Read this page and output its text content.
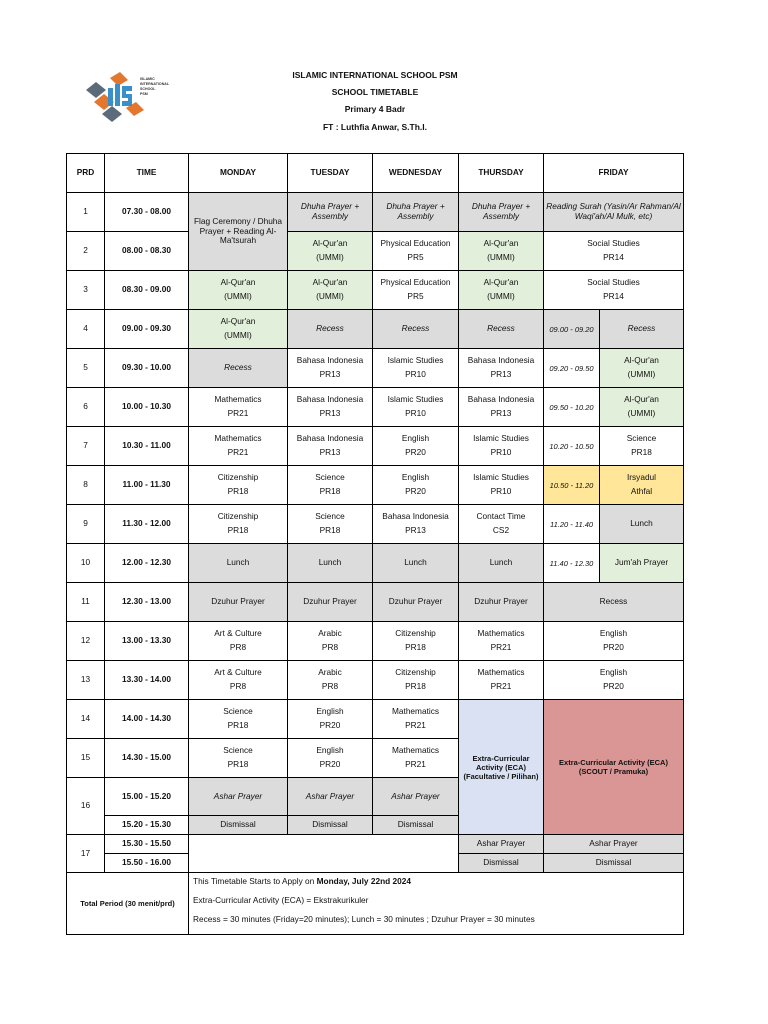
ISLAMIC
INTERNATIONAL
SCHOOL
PSM
ISLAMIC INTERNATIONAL SCHOOL PSM
SCHOOL TIMETABLE
Primary 4 Badr
FT : Luthfia Anwar, S.Th.I.
PRD	TIME	MONDAY	TUESDAY	WEDNESDAY	THURSDAY	FRIDAY	
1	07.30 - 08.00	Flag Ceremony / Dhuha Prayer + Reading Al-Ma'tsurah	Dhuha Prayer + Assembly	Dhuha Prayer + Assembly	Dhuha Prayer + Assembly	Reading Surah (Yasin/Ar Rahman/Al Waqi'ah/Al Mulk, etc)	
2	08.00 - 08.30		Al-Qur'an
(UMMI)	Physical Education
PR5	Al-Qur'an
(UMMI)	Social Studies
PR14	

3	08.30 - 09.00	Al-Qur'an
(UMMI)	Al-Qur'an
(UMMI)	Physical Education
PR5	Al-Qur'an
(UMMI)	Social Studies
PR14	

4	09.00 - 09.30	Al-Qur'an
(UMMI)	Recess	Recess	Recess	09.00 - 09.20	Recess
5	09.30 - 10.00	Recess	Bahasa Indonesia
PR13	Islamic Studies
PR10	Bahasa Indonesia
PR13	09.20 - 09.50	Al-Qur'an
(UMMI)

6	10.00 - 10.30	Mathematics
PR21	Bahasa Indonesia
PR13	Islamic Studies
PR10	Bahasa Indonesia
PR13	09.50 - 10.20	Al-Qur'an
(UMMI)

7	10.30 - 11.00	Mathematics
PR21	Bahasa Indonesia
PR13	English
PR20	Islamic Studies
PR10	10.20 - 10.50	Science
PR18

8	11.00 - 11.30	Citizenship
PR18	Science
PR18	English
PR20	Islamic Studies
PR10	10.50 - 11.20	Irsyadul
Athfal

9	11.30 - 12.00	Citizenship
PR18	Science
PR18	Bahasa Indonesia
PR13	Contact Time
CS2	11.20 - 11.40	Lunch
10	12.00 - 12.30	Lunch	Lunch	Lunch	Lunch	11.40 - 12.30	Jum'ah Prayer
11	12.30 - 13.00	Dzuhur Prayer	Dzuhur Prayer	Dzuhur Prayer	Dzuhur Prayer	Recess	
12	13.00 - 13.30	Art & Culture
PR8	Arabic
PR8	Citizenship
PR18	Mathematics
PR21	English
PR20	

13	13.30 - 14.00	Art & Culture
PR8	Arabic
PR8	Citizenship
PR18	Mathematics
PR21	English
PR20	

14	14.00 - 14.30	Science
PR18	English
PR20	Mathematics
PR21	Extra-Curricular
Activity (ECA)
(Facultative / Pilihan)	Extra-Curricular Activity (ECA)
(SCOUT / Pramuka)	

15	14.30 - 15.00	Science
PR18	English
PR20	Mathematics
PR21			

16	15.00 - 15.20	Ashar Prayer	Ashar Prayer	Ashar Prayer			
	15.20 - 15.30	Dismissal	Dismissal	Dismissal			
17	15.30 - 15.50				Ashar Prayer	Ashar Prayer	
	15.50 - 16.00				Dismissal	Dismissal	
Total Period (30 menit/prd)		This Timetable Starts to Apply on Monday, July 22nd 2024
Extra-Curricular Activity (ECA) = Ekstrakurikuler
Recess = 30 minutes (Friday=20 minutes); Lunch = 30 minutes ; Dzuhur Prayer = 30 minutes					
